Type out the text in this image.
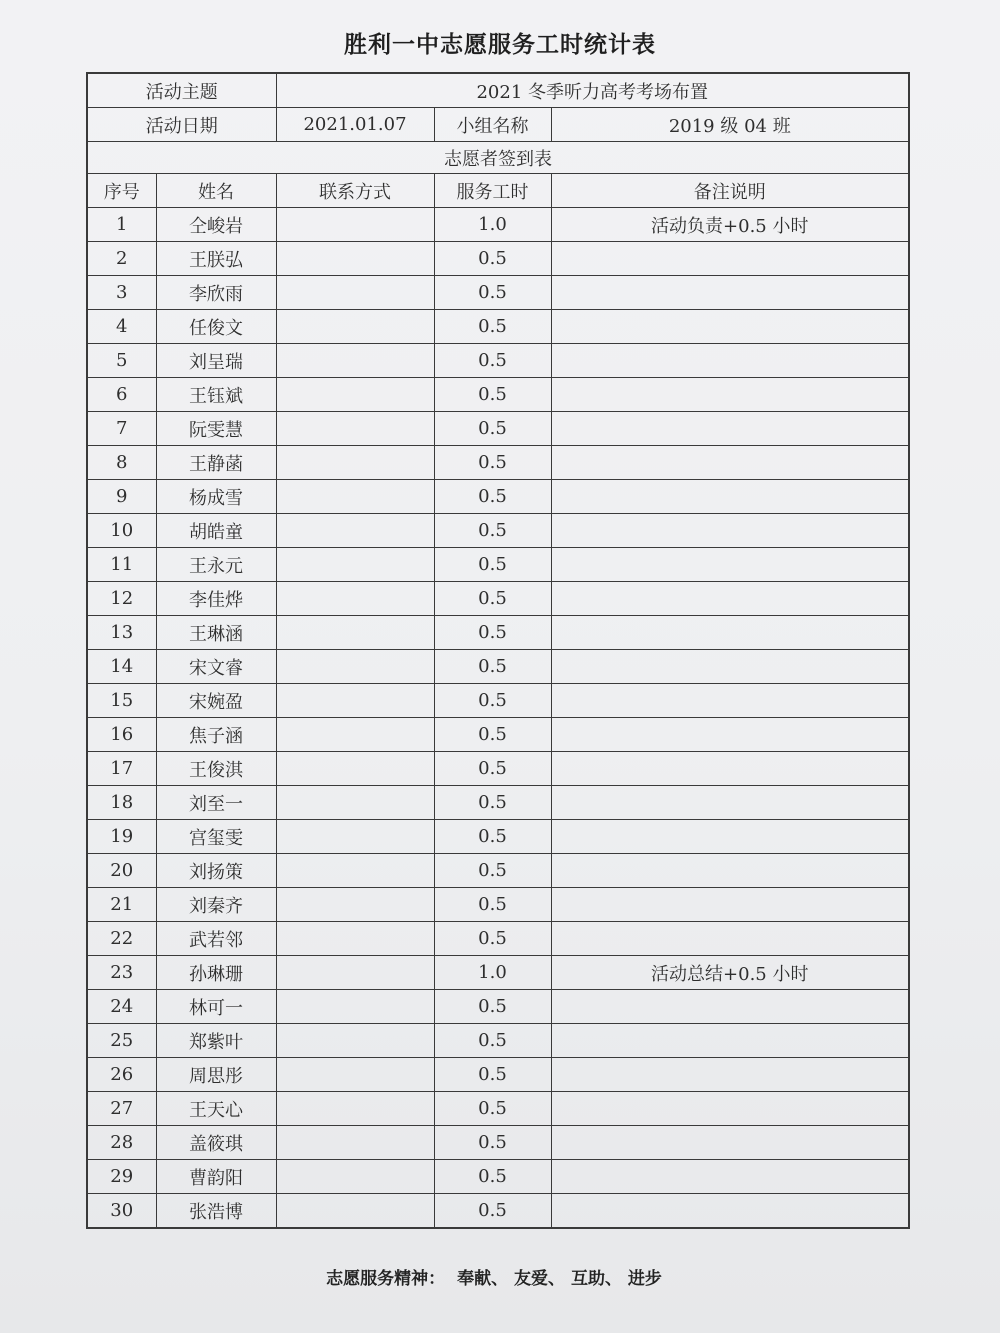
胜利一中志愿服务工时统计表
活动主题		2021 冬季听力高考考场布置		
活动日期		2021.01.07	小组名称	2019 级 04 班
志愿者签到表				
序号	姓名	联系方式	服务工时	备注说明
1	仝峻岩		1.0	活动负责+0.5 小时
2	王朕弘		0.5	
3	李欣雨		0.5	
4	任俊文		0.5	
5	刘呈瑞		0.5	
6	王钰斌		0.5	
7	阮雯慧		0.5	
8	王静菡		0.5	
9	杨成雪		0.5	
10	胡皓童		0.5	
11	王永元		0.5	
12	李佳烨		0.5	
13	王琳涵		0.5	
14	宋文睿		0.5	
15	宋婉盈		0.5	
16	焦子涵		0.5	
17	王俊淇		0.5	
18	刘至一		0.5	
19	宫玺雯		0.5	
20	刘扬策		0.5	
21	刘秦齐		0.5	
22	武若邻		0.5	
23	孙琳珊		1.0	活动总结+0.5 小时
24	林可一		0.5	
25	郑紫叶		0.5	
26	周思彤		0.5	
27	王天心		0.5	
28	盖筱琪		0.5	
29	曹韵阳		0.5	
30	张浩博		0.5	
志愿服务精神： 奉献、 友爱、 互助、 进步
